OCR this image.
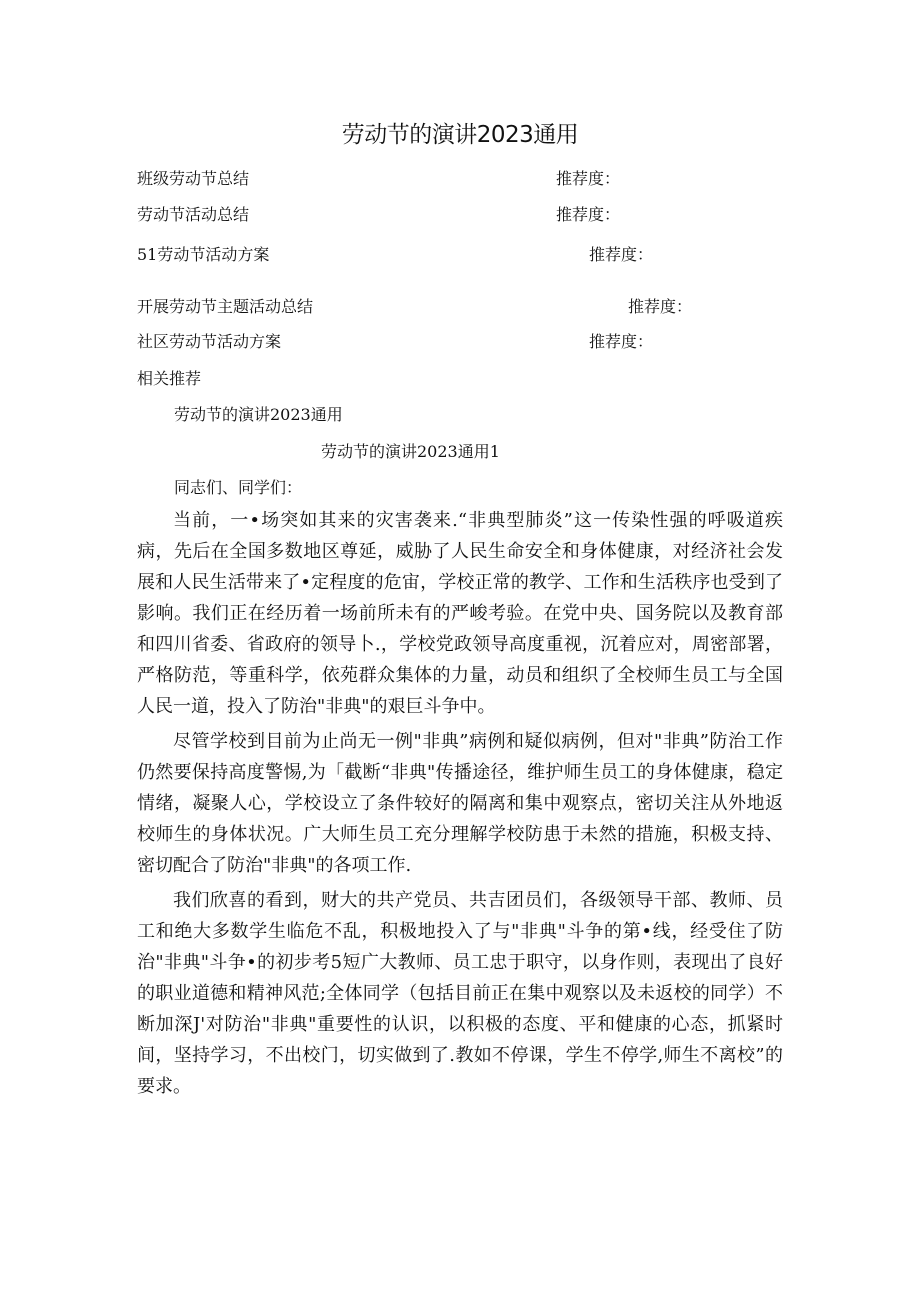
劳动节的演讲2023通用
班级劳动节总结	推荐度：
劳动节活动总结	推荐度：
51劳动节活动方案	推荐度：
开展劳动节主题活动总结	推荐度：
社区劳动节活动方案	推荐度：
相关推荐
劳动节的演讲2023通用
劳动节的演讲2023通用1
同志们、同学们：

当前，一•场突如其来的灾害袭来.“非典型肺炎”这一传染性强的呼吸道疾病，先后在全国多数地区尊延，威胁了人民生命安全和身体健康，对经济社会发展和人民生活带来了•定程度的危宙，学校正常的教学、工作和生活秩序也受到了影响。我们正在经历着一场前所未有的严峻考验。在党中央、国务院以及教育部和四川省委、省政府的领导卜.，学校党政领导高度重视，沉着应对，周密部署，严格防范，等重科学，依苑群众集体的力量，动员和组织了全校师生员工与全国人民一道，投入了防治"非典"的艰巨斗争中。

尽管学校到目前为止尚无一例"非典”病例和疑似病例，但对"非典”防治工作仍然要保持高度警惕,为「截断“非典"传播途径，维护师生员工的身体健康，稳定情绪，凝聚人心，学校设立了条件较好的隔离和集中观察点，密切关注从外地返校师生的身体状况。广大师生员工充分理解学校防患于未然的措施，积极支持、密切配合了防治"非典"的各项工作.

我们欣喜的看到，财大的共产党员、共吉团员们，各级领导干部、教师、员工和绝大多数学生临危不乱，积极地投入了与"非典"斗争的第•线，经受住了防治"非典"斗争•的初步考5短广大教师、员工忠于职守，以身作则，表现出了良好的职业道德和精神风范;全体同学（包括目前正在集中观察以及未返校的同学）不断加深J'对防治"非典"重要性的认识，以积极的态度、平和健康的心态，抓紧时间，坚持学习，不出校门，切实做到了.教如不停课，学生不停学,师生不离校”的要求。
